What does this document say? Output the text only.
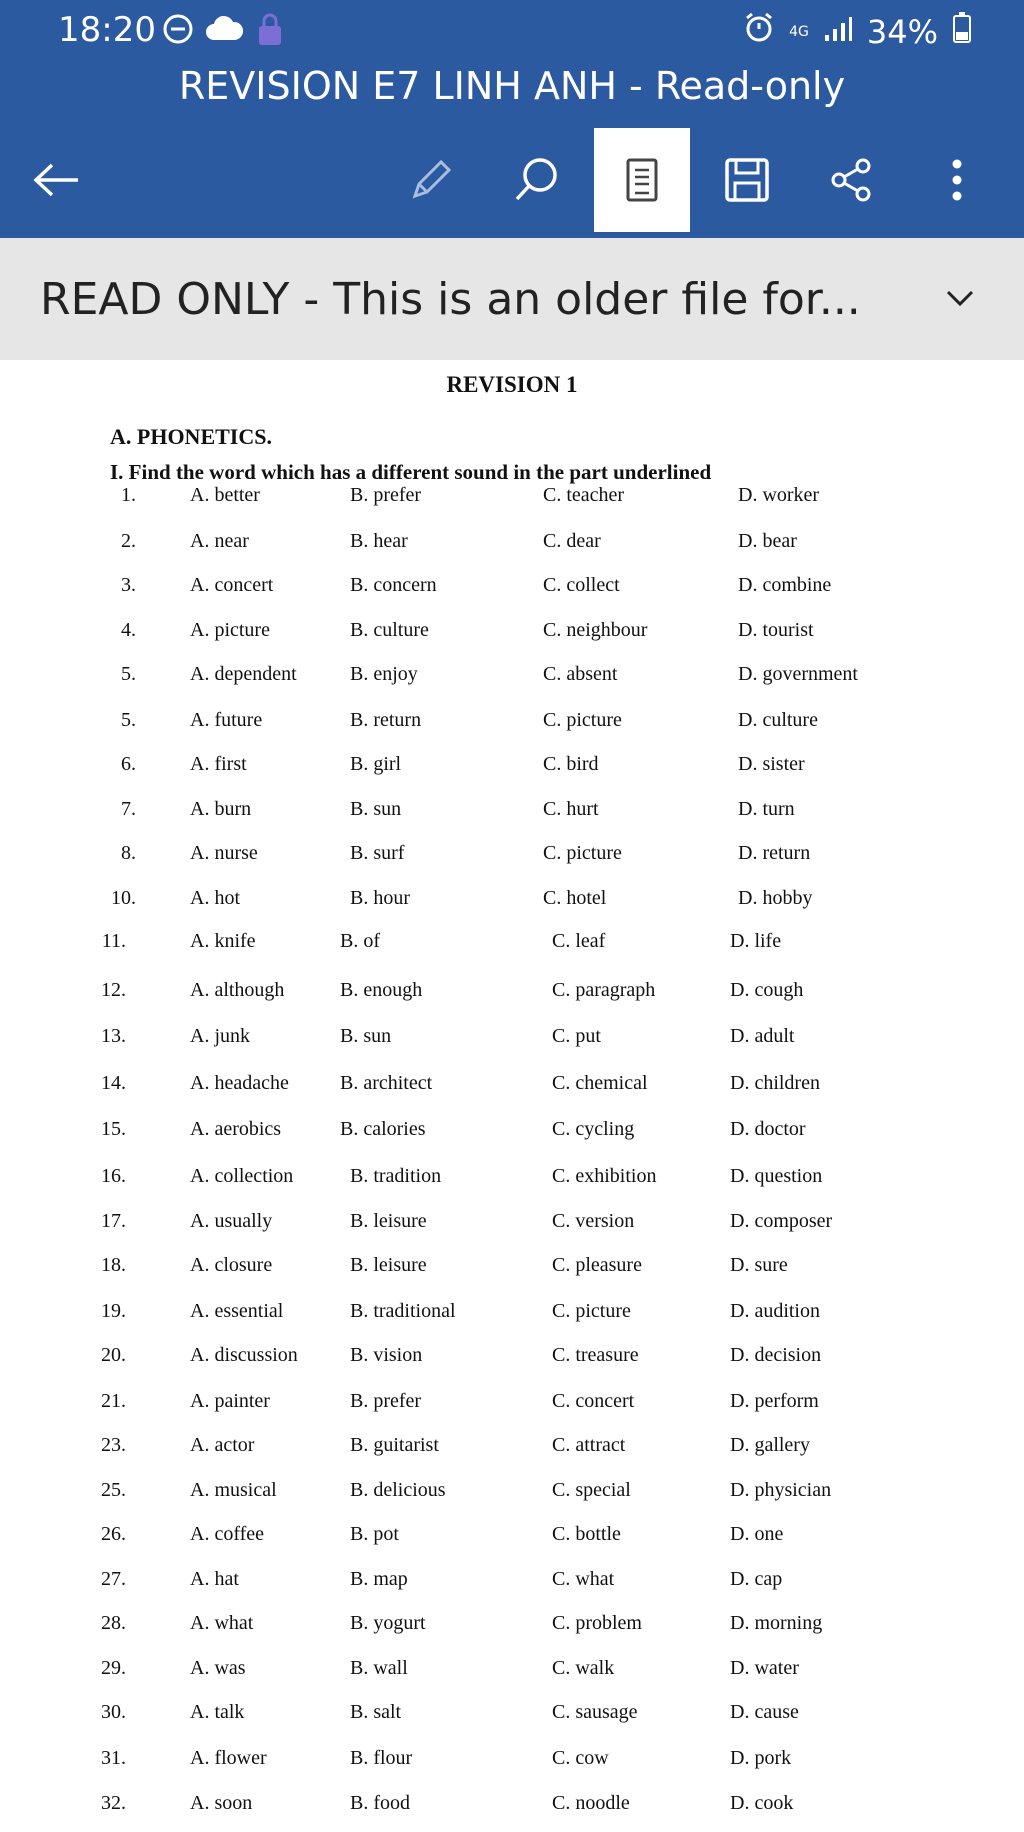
18:20	4G 34%
REVISION E7 LINH ANH - Read-only
READ ONLY - This is an older file for...
REVISION 1
A. PHONETICS.
I. Find the word which has a different sound in the part underlined
1.	A. better	B. prefer	C. teacher	D. worker
2.	A. near	B. hear	C. dear	D. bear
3.	A. concert	B. concern	C. collect	D. combine
4.	A. picture	B. culture	C. neighbour	D. tourist
5.	A. dependent	B. enjoy	C. absent	D. government
5.	A. future	B. return	C. picture	D. culture
6.	A. first	B. girl	C. bird	D. sister
7.	A. burn	B. sun	C. hurt	D. turn
8.	A. nurse	B. surf	C. picture	D. return
10.	A. hot	B. hour	C. hotel	D. hobby
11.	A. knife	B. of	C. leaf	D. life
12.	A. although	B. enough	C. paragraph	D. cough
13.	A. junk	B. sun	C. put	D. adult
14.	A. headache	B. architect	C. chemical	D. children
15.	A. aerobics	B. calories	C. cycling	D. doctor
16.	A. collection	B. tradition	C. exhibition	D. question
17.	A. usually	B. leisure	C. version	D. composer
18.	A. closure	B. leisure	C. pleasure	D. sure
19.	A. essential	B. traditional	C. picture	D. audition
20.	A. discussion	B. vision	C. treasure	D. decision
21.	A. painter	B. prefer	C. concert	D. perform
23.	A. actor	B. guitarist	C. attract	D. gallery
25.	A. musical	B. delicious	C. special	D. physician
26.	A. coffee	B. pot	C. bottle	D. one
27.	A. hat	B. map	C. what	D. cap
28.	A. what	B. yogurt	C. problem	D. morning
29.	A. was	B. wall	C. walk	D. water
30.	A. talk	B. salt	C. sausage	D. cause
31.	A. flower	B. flour	C. cow	D. pork
32.	A. soon	B. food	C. noodle	D. cook
